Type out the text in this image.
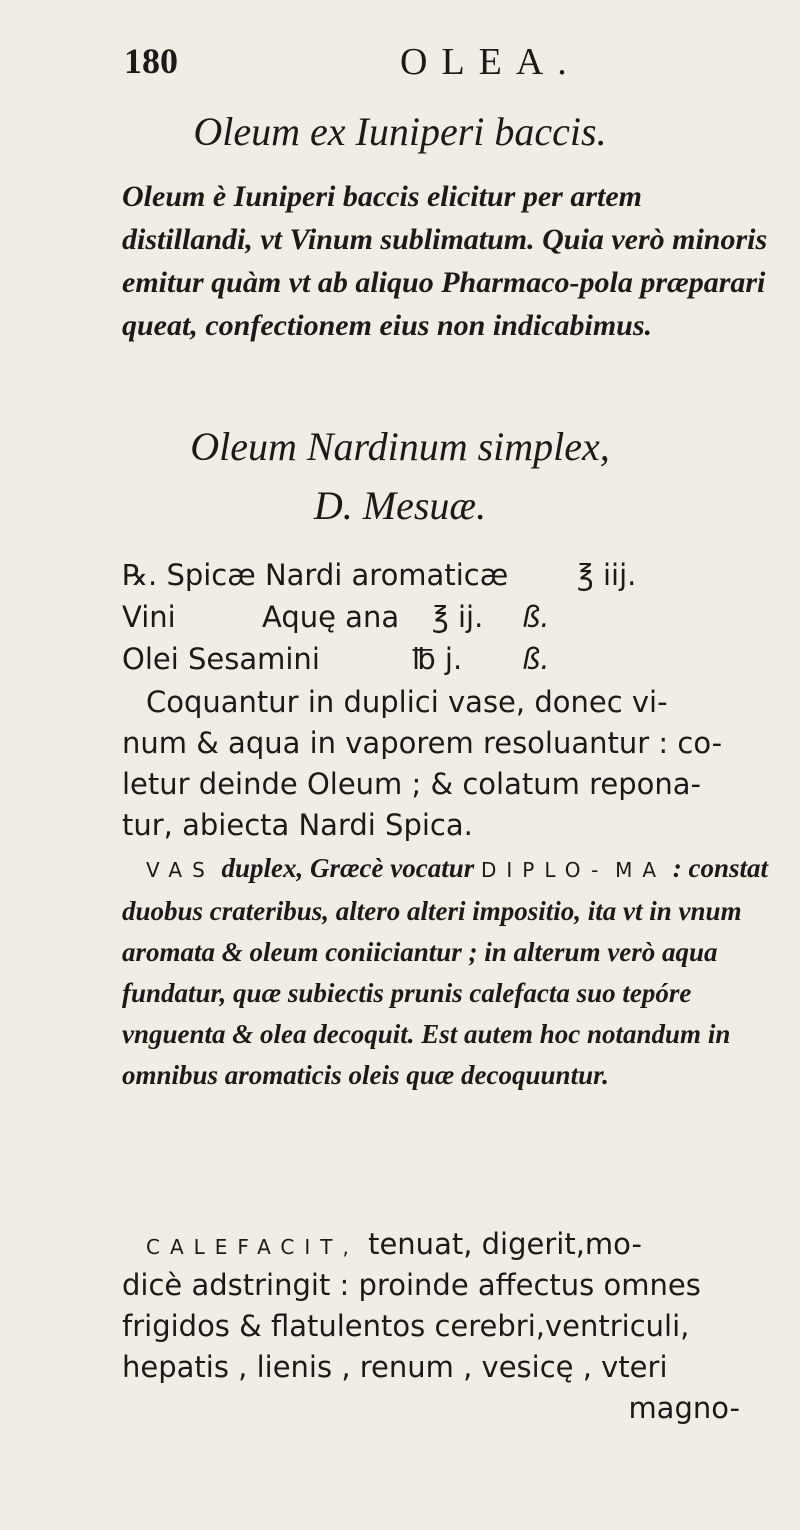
180	OLEA.
Oleum ex Iuniperi baccis.

Oleum è Iuniperi baccis elicitur per artem distillandi, vt Vinum sublimatum. Quia verò minoris emitur quàm vt ab aliquo Pharmaco-pola præparari queat, confectionem eius non indicabimus.

Oleum Nardinum simplex,
D. Mesuæ.
℞. Spicæ Nardi aromaticæ ℥ iij.
Vini	Aquę ana ℥ ij. ß.
Olei Sesamini	℔ j. ß.
Coquantur in duplici vase, donec vi-
num & aqua in vaporem resoluantur : co-
letur deinde Oleum ; & colatum repona-
tur, abiecta Nardi Spica.

VAS duplex, Græcè vocatur DIPLO- MA : constat duobus crateribus, altero alteri impositio, ita vt in vnum aromata & oleum coniiciantur ; in alterum verò aqua fundatur, quæ subiectis prunis calefacta suo tepóre vnguenta & olea decoquit. Est autem hoc notandum in omnibus aromaticis oleis quæ decoquuntur.

CALEFACIT, tenuat, digerit,mo-
dicè adstringit : proinde affectus omnes
frigidos & flatulentos cerebri,ventriculi,
hepatis , lienis , renum , vesicę , vteri
magno-
